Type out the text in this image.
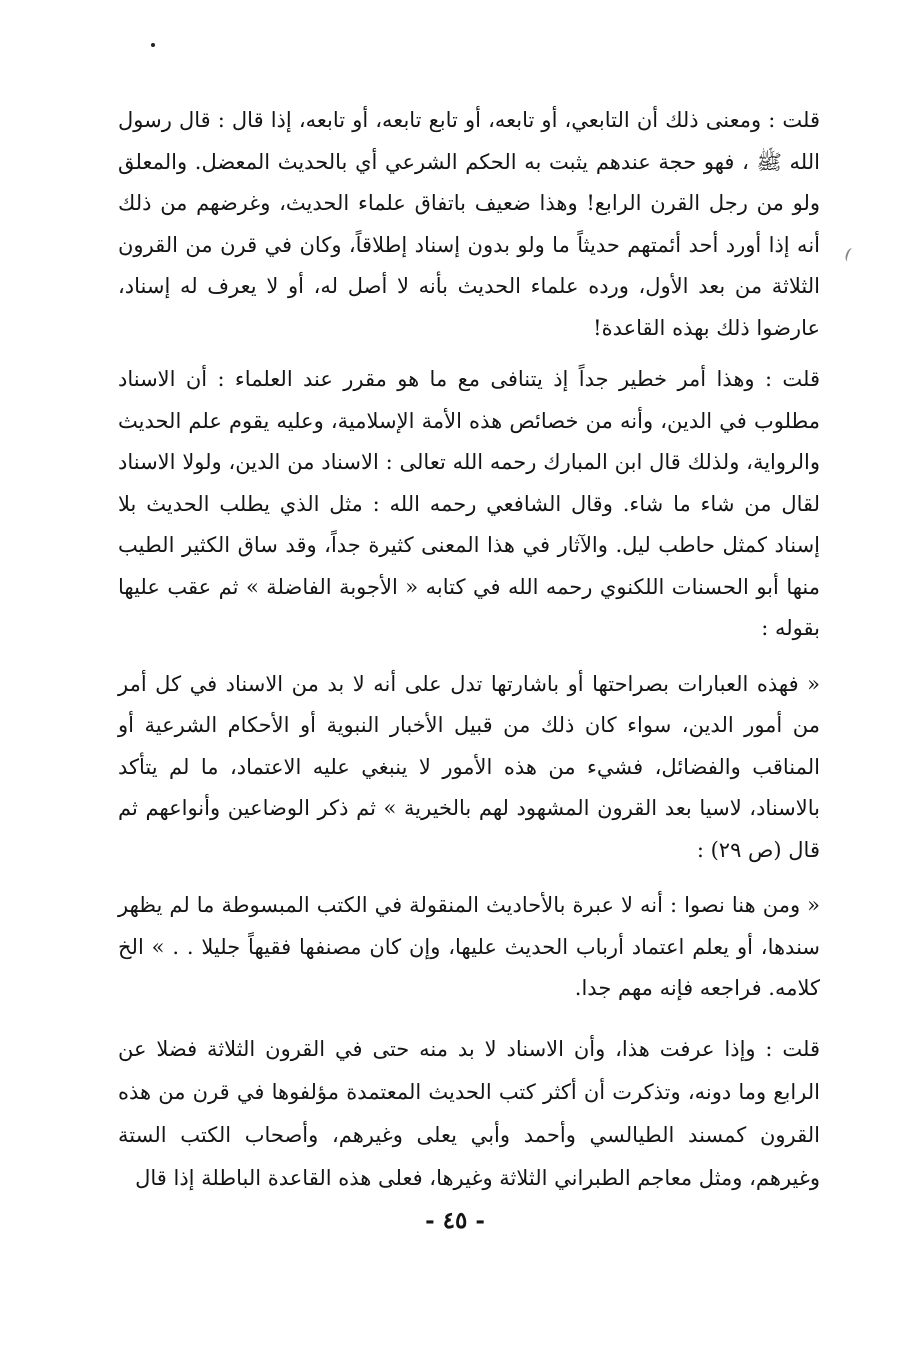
قلت : ومعنى ذلك أن التابعي، أو تابعه، أو تابع تابعه، أو تابعه، إذا قال : قال رسول الله ﷺ ، فهو حجة عندهم يثبت به الحكم الشرعي أي بالحديث المعضل. والمعلق ولو من رجل القرن الرابع! وهذا ضعيف باتفاق علماء الحديث، وغرضهم من ذلك أنه إذا أورد أحد أئمتهم حديثاً ما ولو بدون إسناد إطلاقاً، وكان في قرن من القرون الثلاثة من بعد الأول، ورده علماء الحديث بأنه لا أصل له، أو لا يعرف له إسناد، عارضوا ذلك بهذه القاعدة!

قلت : وهذا أمر خطير جداً إذ يتنافى مع ما هو مقرر عند العلماء : أن الاسناد مطلوب في الدين، وأنه من خصائص هذه الأمة الإسلامية، وعليه يقوم علم الحديث والرواية، ولذلك قال ابن المبارك رحمه الله تعالى : الاسناد من الدين، ولولا الاسناد لقال من شاء ما شاء. وقال الشافعي رحمه الله : مثل الذي يطلب الحديث بلا إسناد كمثل حاطب ليل. والآثار في هذا المعنى كثيرة جداً، وقد ساق الكثير الطيب منها أبو الحسنات اللكنوي رحمه الله في كتابه « الأجوبة الفاضلة » ثم عقب عليها بقوله :

« فهذه العبارات بصراحتها أو باشارتها تدل على أنه لا بد من الاسناد في كل أمر من أمور الدين، سواء كان ذلك من قبيل الأخبار النبوية أو الأحكام الشرعية أو المناقب والفضائل، فشيء من هذه الأمور لا ينبغي عليه الاعتماد، ما لم يتأكد بالاسناد، لاسيا بعد القرون المشهود لهم بالخيرية » ثم ذكر الوضاعين وأنواعهم ثم قال (ص ٢٩) :

« ومن هنا نصوا : أنه لا عبرة بالأحاديث المنقولة في الكتب المبسوطة ما لم يظهر سندها، أو يعلم اعتماد أرباب الحديث عليها، وإن كان مصنفها فقيهاً جليلا . . » الخ كلامه. فراجعه فإنه مهم جدا.

قلت : وإذا عرفت هذا، وأن الاسناد لا بد منه حتى في القرون الثلاثة فضلا عن الرابع وما دونه، وتذكرت أن أكثر كتب الحديث المعتمدة مؤلفوها في قرن من هذه القرون كمسند الطيالسي وأحمد وأبي يعلى وغيرهم، وأصحاب الكتب الستة وغيرهم، ومثل معاجم الطبراني الثلاثة وغيرها، فعلى هذه القاعدة الباطلة إذا قال

- ٤٥ -
